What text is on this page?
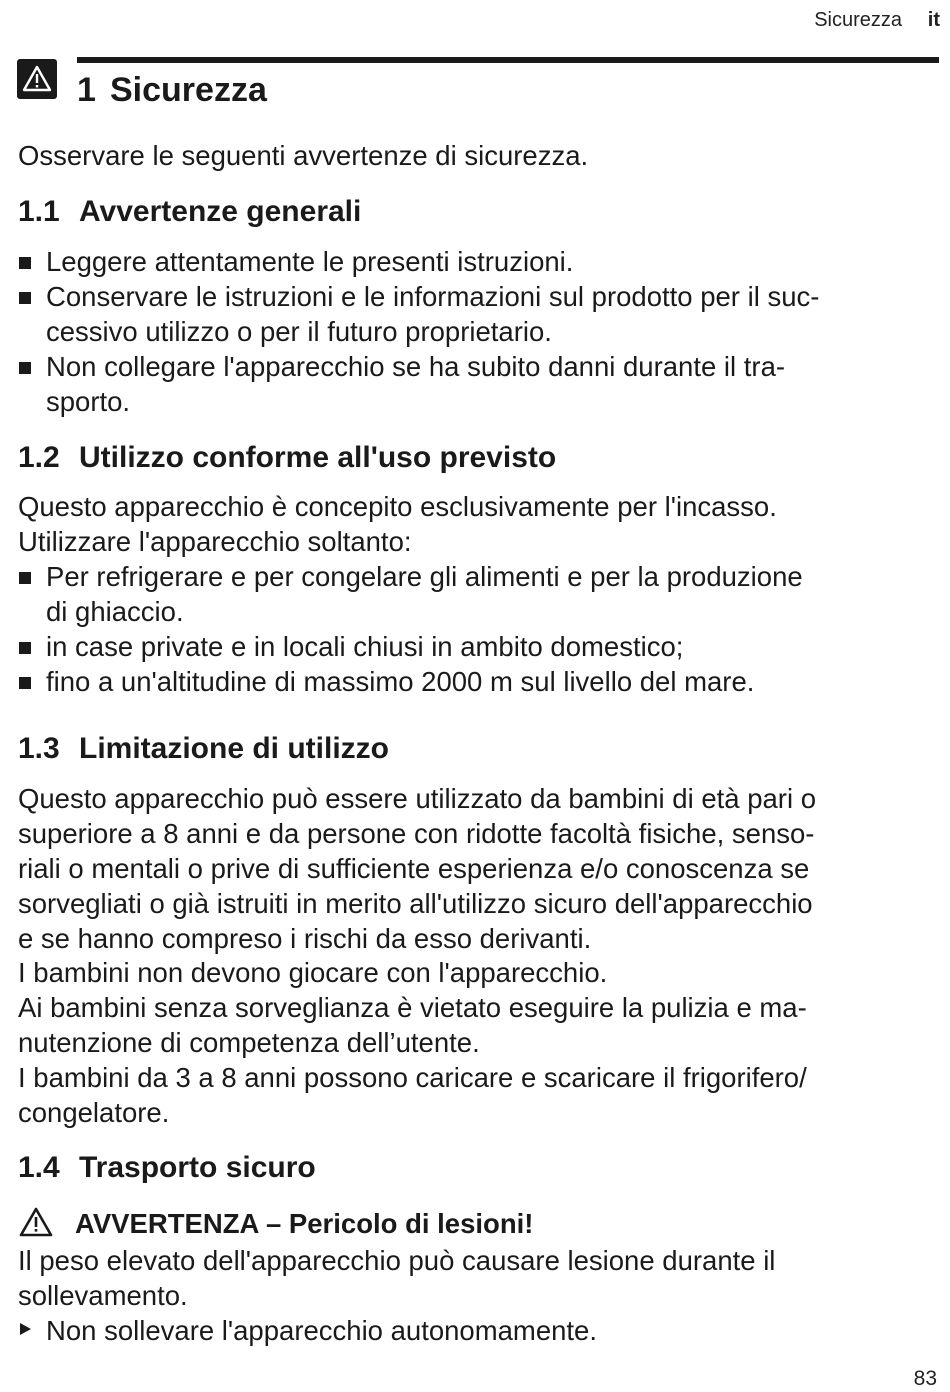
Sicurezza it
1 Sicurezza
Osservare le seguenti avvertenze di sicurezza.
1.1 Avvertenze generali
Leggere attentamente le presenti istruzioni.
Conservare le istruzioni e le informazioni sul prodotto per il suc-
cessivo utilizzo o per il futuro proprietario.
Non collegare l'apparecchio se ha subito danni durante il tra-
sporto.
1.2 Utilizzo conforme all'uso previsto
Questo apparecchio è concepito esclusivamente per l'incasso.
Utilizzare l'apparecchio soltanto:
Per refrigerare e per congelare gli alimenti e per la produzione
di ghiaccio.
in case private e in locali chiusi in ambito domestico;
fino a un'altitudine di massimo 2000 m sul livello del mare.
1.3 Limitazione di utilizzo
Questo apparecchio può essere utilizzato da bambini di età pari o
superiore a 8 anni e da persone con ridotte facoltà fisiche, senso-
riali o mentali o prive di sufficiente esperienza e/o conoscenza se
sorvegliati o già istruiti in merito all'utilizzo sicuro dell'apparecchio
e se hanno compreso i rischi da esso derivanti.
I bambini non devono giocare con l'apparecchio.
Ai bambini senza sorveglianza è vietato eseguire la pulizia e ma-
nutenzione di competenza dell’utente.
I bambini da 3 a 8 anni possono caricare e scaricare il frigorifero/
congelatore.
1.4 Trasporto sicuro
AVVERTENZA – Pericolo di lesioni!
Il peso elevato dell'apparecchio può causare lesione durante il
sollevamento.
Non sollevare l'apparecchio autonomamente.
83
